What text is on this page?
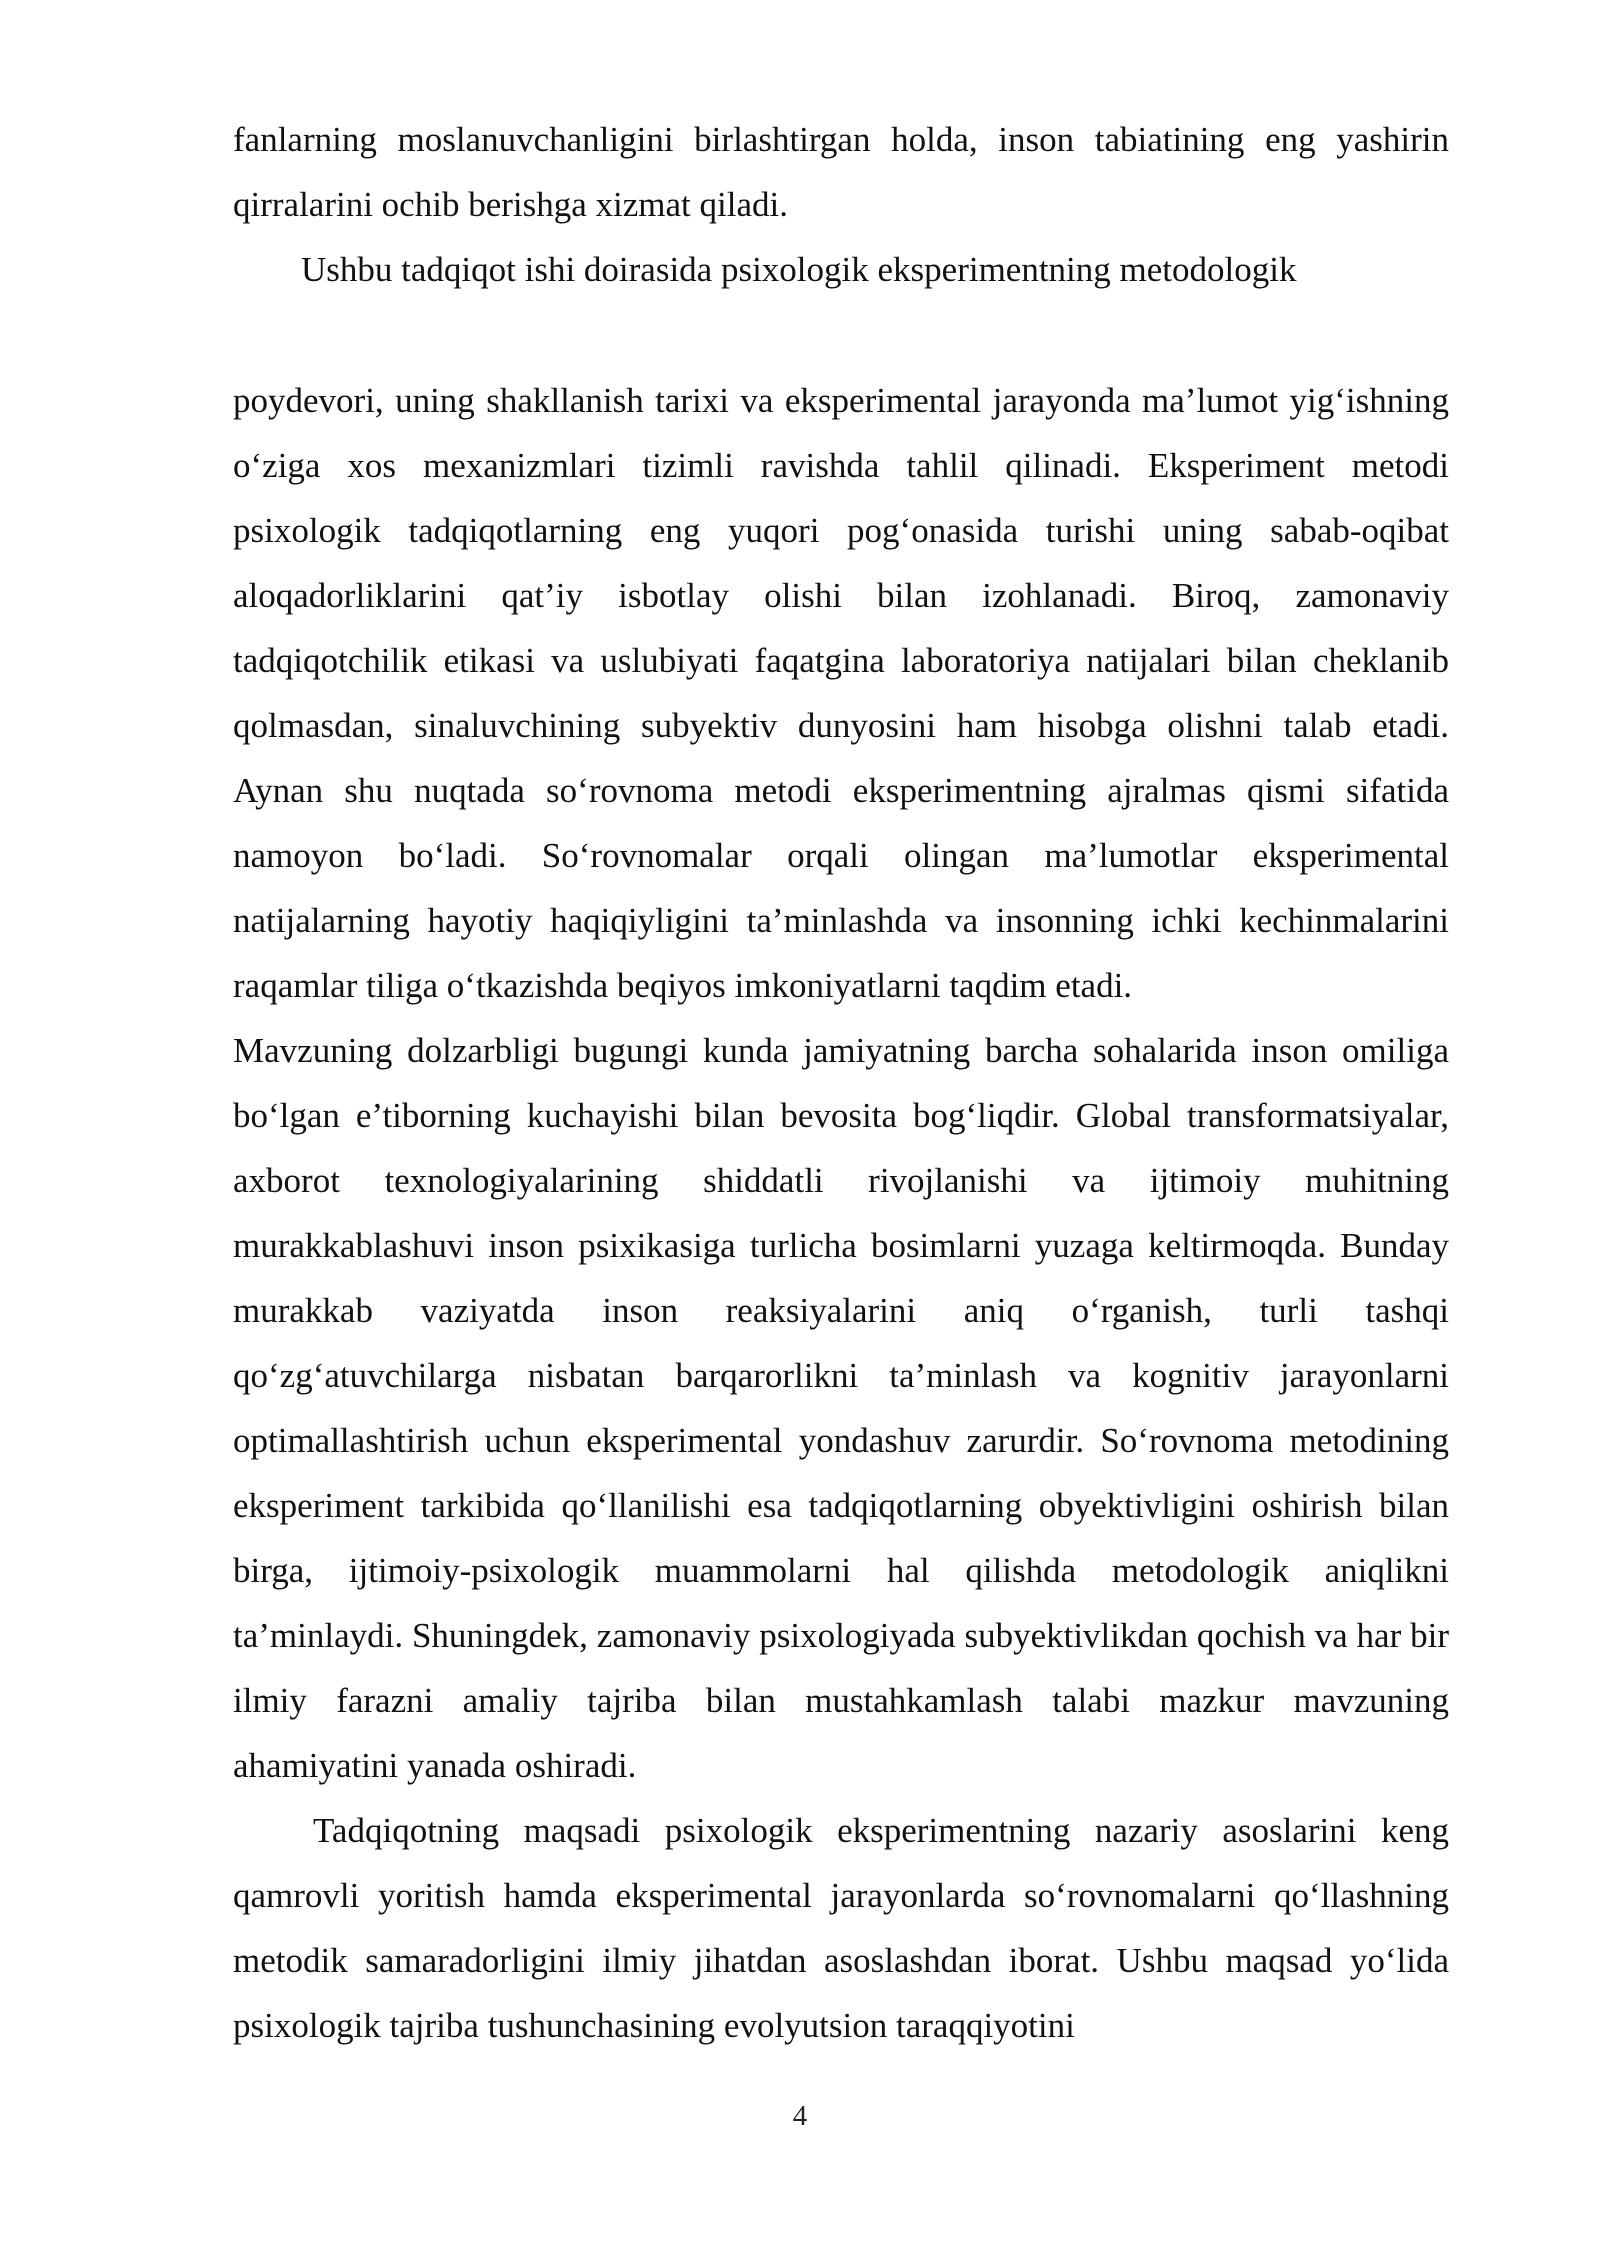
fanlarning moslanuvchanligini birlashtirgan holda, inson tabiatining eng yashirin qirralarini ochib berishga xizmat qiladi.

Ushbu tadqiqot ishi doirasida psixologik eksperimentning metodologik

poydevori, uning shakllanish tarixi va eksperimental jarayonda ma’lumot yig‘ishning o‘ziga xos mexanizmlari tizimli ravishda tahlil qilinadi. Eksperiment metodi psixologik tadqiqotlarning eng yuqori pog‘onasida turishi uning sabab-oqibat aloqadorliklarini qat’iy isbotlay olishi bilan izohlanadi. Biroq, zamonaviy tadqiqotchilik etikasi va uslubiyati faqatgina laboratoriya natijalari bilan cheklanib qolmasdan, sinaluvchining subyektiv dunyosini ham hisobga olishni talab etadi. Aynan shu nuqtada so‘rovnoma metodi eksperimentning ajralmas qismi sifatida namoyon bo‘ladi. So‘rovnomalar orqali olingan ma’lumotlar eksperimental natijalarning hayotiy haqiqiyligini ta’minlashda va insonning ichki kechinmalarini raqamlar tiliga o‘tkazishda beqiyos imkoniyatlarni taqdim etadi.

Mavzuning dolzarbligi bugungi kunda jamiyatning barcha sohalarida inson omiliga bo‘lgan e’tiborning kuchayishi bilan bevosita bog‘liqdir. Global transformatsiyalar, axborot texnologiyalarining shiddatli rivojlanishi va ijtimoiy muhitning murakkablashuvi inson psixikasiga turlicha bosimlarni yuzaga keltirmoqda. Bunday murakkab vaziyatda inson reaksiyalarini aniq o‘rganish, turli tashqi qo‘zg‘atuvchilarga nisbatan barqarorlikni ta’minlash va kognitiv jarayonlarni optimallashtirish uchun eksperimental yondashuv zarurdir. So‘rovnoma metodining eksperiment tarkibida qo‘llanilishi esa tadqiqotlarning obyektivligini oshirish bilan birga, ijtimoiy-psixologik muammolarni hal qilishda metodologik aniqlikni ta’minlaydi. Shuningdek, zamonaviy psixologiyada subyektivlikdan qochish va har bir ilmiy farazni amaliy tajriba bilan mustahkamlash talabi mazkur mavzuning ahamiyatini yanada oshiradi.

Tadqiqotning maqsadi psixologik eksperimentning nazariy asoslarini keng qamrovli yoritish hamda eksperimental jarayonlarda so‘rovnomalarni qo‘llashning metodik samaradorligini ilmiy jihatdan asoslashdan iborat. Ushbu maqsad yo‘lida psixologik tajriba tushunchasining evolyutsion taraqqiyotini

4
